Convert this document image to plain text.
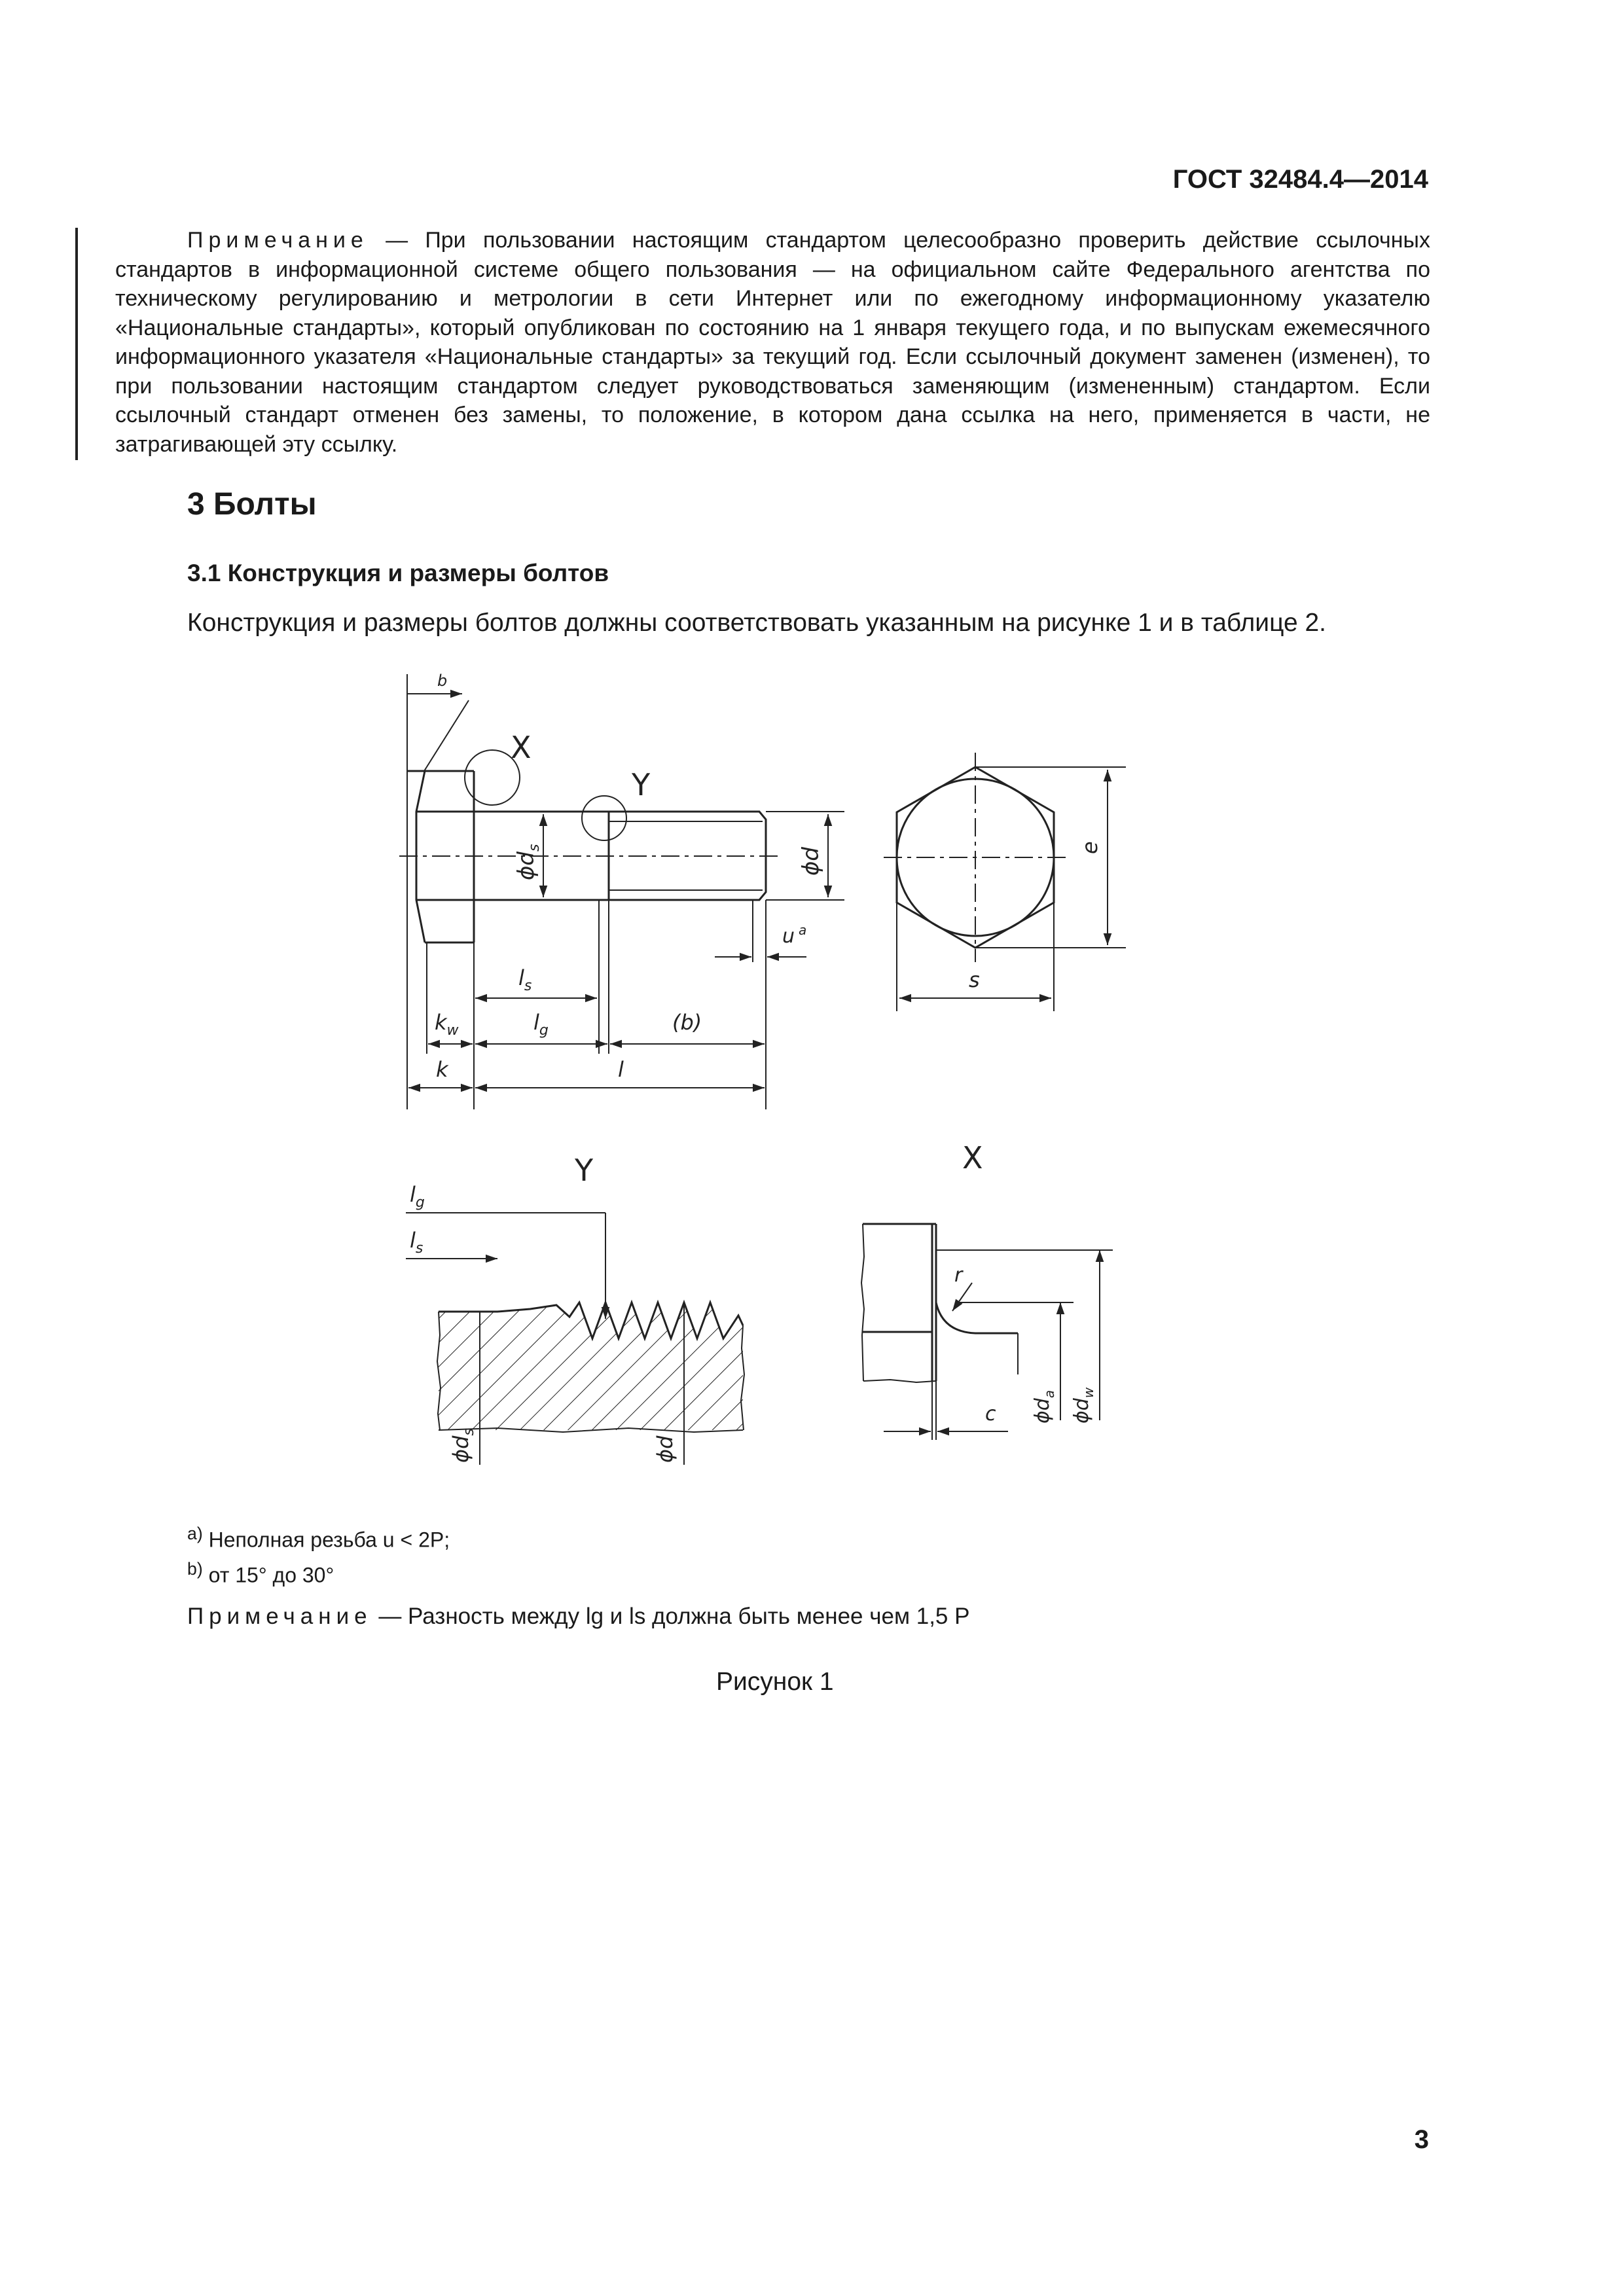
ГОСТ 32484.4—2014

Примечание — При пользовании настоящим стандартом целесообразно проверить действие ссылочных стандартов в информационной системе общего пользования — на официальном сайте Федерального агентства по техническому регулированию и метрологии в сети Интернет или по ежегодному информационному указателю «Национальные стандарты», который опубликован по состоянию на 1 января текущего года, и по выпускам ежемесячного информационного указателя «Национальные стандарты» за текущий год. Если ссылочный документ заменен (изменен), то при пользовании настоящим стандартом следует руководствоваться заменяющим (измененным) стандартом. Если ссылочный стандарт отменен без замены, то положение, в котором дана ссылка на него, применяется в части, не затрагивающей эту ссылку.

3 Болты
3.1 Конструкция и размеры болтов

Конструкция и размеры болтов должны соответствовать указанным на рисунке 1 и в таблице 2.

b
X
Y
$\phi d_s$	ϕd
u $^a$
$l_s$
$k_w$	$l_g$	(b)
k	l
e
s
Y
$l_g$
$l_s$
$\phi d_s$
ϕd
X
r
$\phi d_a$
$\phi d_w$
c

$^{a)}$ Неполная резьба u < 2P;

$^{b)}$ от 15° до 30°

Примечание — Разность между lg и ls должна быть менее чем 1,5 P

Рисунок 1

3
